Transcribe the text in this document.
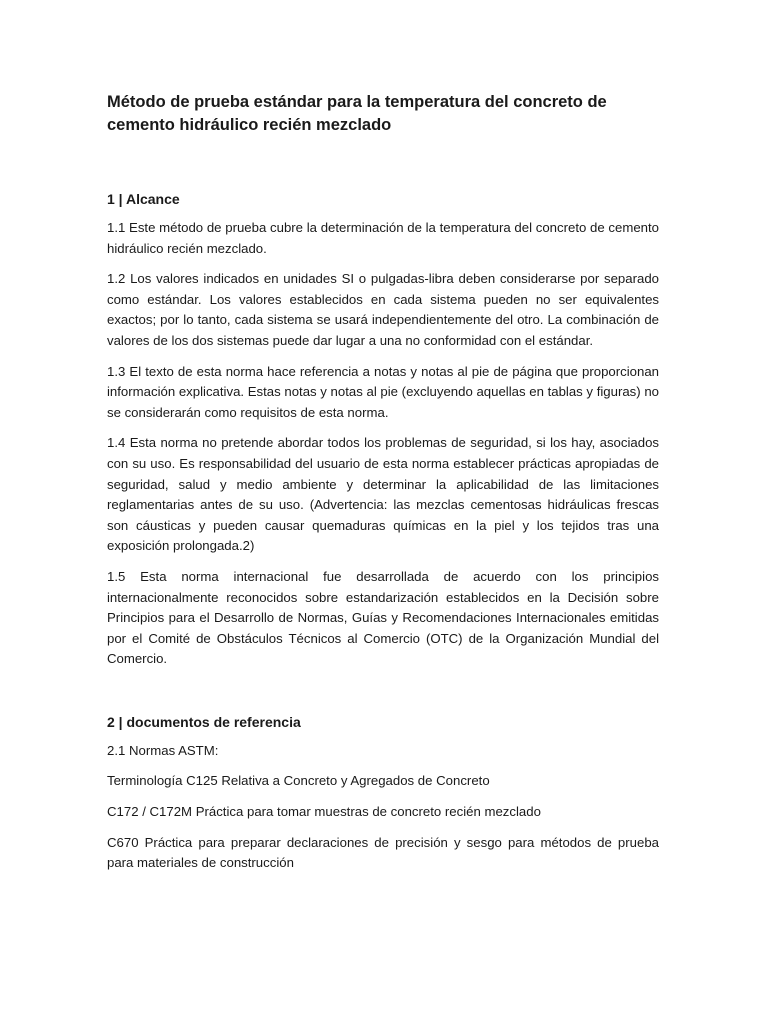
Método de prueba estándar para la temperatura del concreto de cemento hidráulico recién mezclado
1 | Alcance

1.1 Este método de prueba cubre la determinación de la temperatura del concreto de cemento hidráulico recién mezclado.

1.2 Los valores indicados en unidades SI o pulgadas-libra deben considerarse por separado como estándar. Los valores establecidos en cada sistema pueden no ser equivalentes exactos; por lo tanto, cada sistema se usará independientemente del otro. La combinación de valores de los dos sistemas puede dar lugar a una no conformidad con el estándar.

1.3 El texto de esta norma hace referencia a notas y notas al pie de página que proporcionan información explicativa. Estas notas y notas al pie (excluyendo aquellas en tablas y figuras) no se considerarán como requisitos de esta norma.

1.4 Esta norma no pretende abordar todos los problemas de seguridad, si los hay, asociados con su uso. Es responsabilidad del usuario de esta norma establecer prácticas apropiadas de seguridad, salud y medio ambiente y determinar la aplicabilidad de las limitaciones reglamentarias antes de su uso. (Advertencia: las mezclas cementosas hidráulicas frescas son cáusticas y pueden causar quemaduras químicas en la piel y los tejidos tras una exposición prolongada.2)

1.5 Esta norma internacional fue desarrollada de acuerdo con los principios internacionalmente reconocidos sobre estandarización establecidos en la Decisión sobre Principios para el Desarrollo de Normas, Guías y Recomendaciones Internacionales emitidas por el Comité de Obstáculos Técnicos al Comercio (OTC) de la Organización Mundial del Comercio.

2 | documentos de referencia

2.1 Normas ASTM:

Terminología C125 Relativa a Concreto y Agregados de Concreto

C172 / C172M Práctica para tomar muestras de concreto recién mezclado

C670 Práctica para preparar declaraciones de precisión y sesgo para métodos de prueba para materiales de construcción
